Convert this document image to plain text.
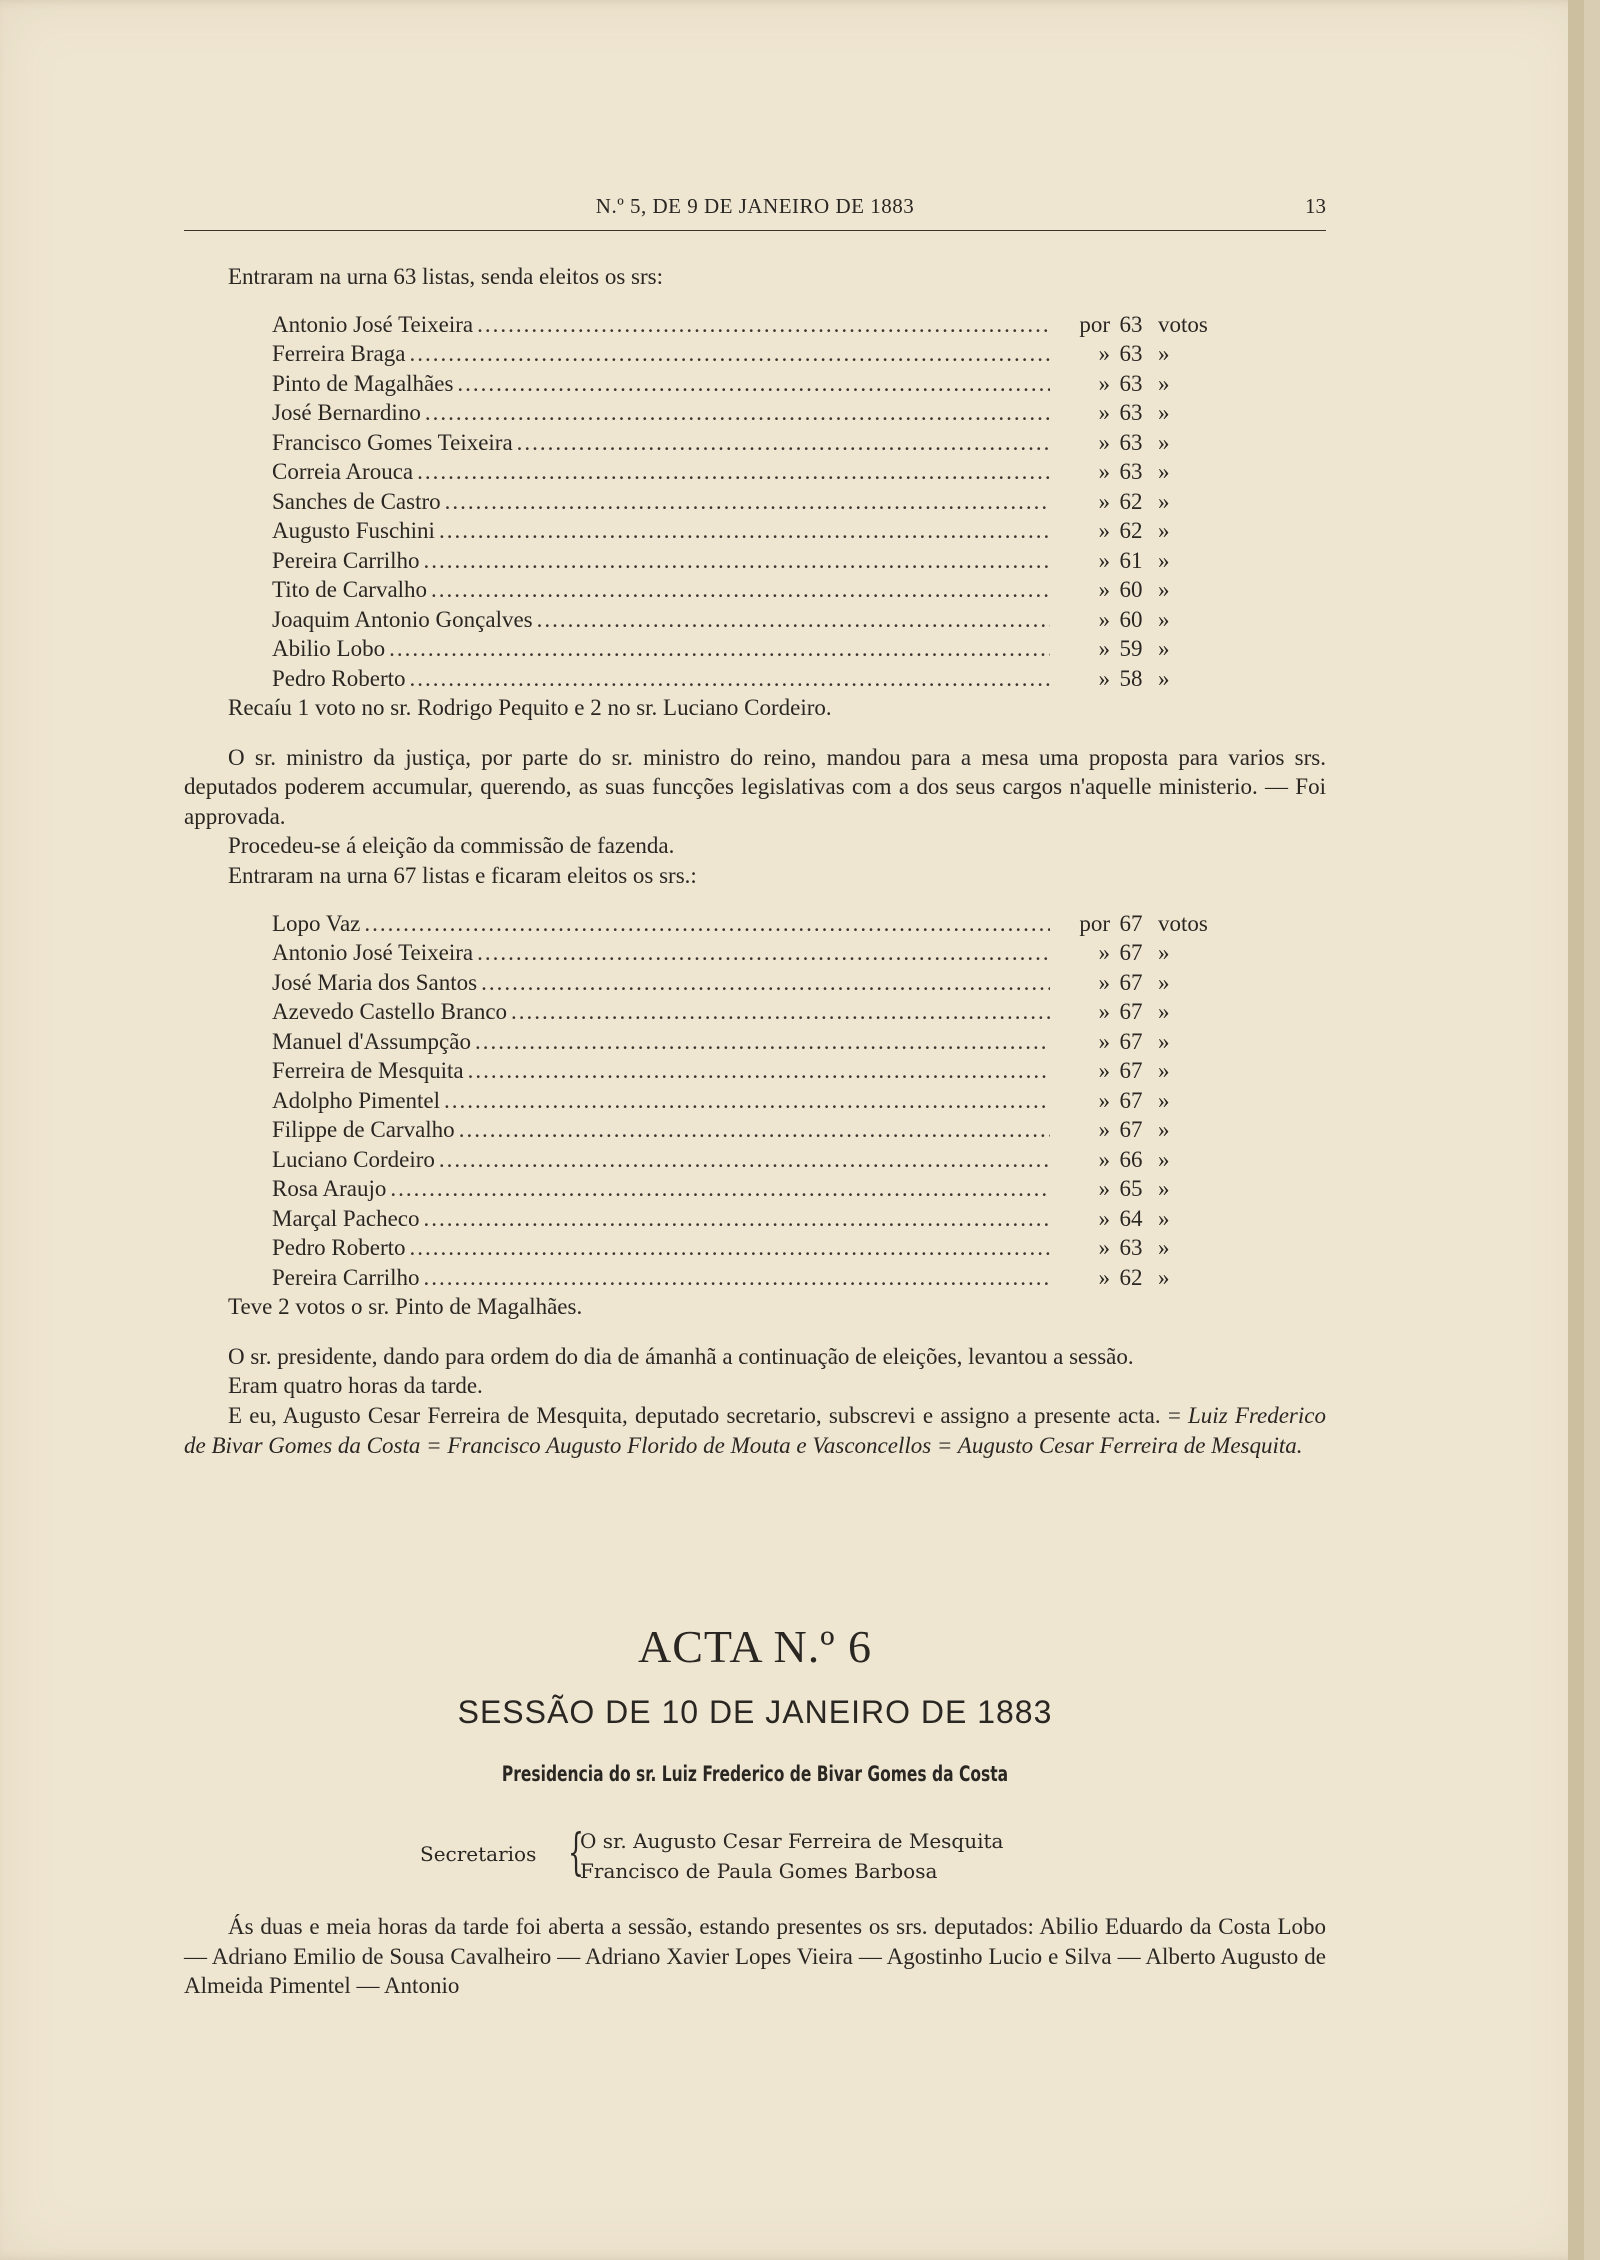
N.º 5, DE 9 DE JANEIRO DE 1883	13

Entraram na urna 63 listas, senda eleitos os srs:

Antonio José Teixeira .....	por 63 votos
Ferreira Braga .....	» 63 »
Pinto de Magalhães .....	» 63 »
José Bernardino .....	» 63 »
Francisco Gomes Teixeira .....	» 63 »
Correia Arouca .....	» 63 »
Sanches de Castro .....	» 62 »
Augusto Fuschini .....	» 62 »
Pereira Carrilho .....	» 61 »
Tito de Carvalho .....	» 60 »
Joaquim Antonio Gonçalves .....	» 60 »
Abilio Lobo .....	» 59 »
Pedro Roberto .....	» 58 »

Recaíu 1 voto no sr. Rodrigo Pequito e 2 no sr. Luciano Cordeiro.

O sr. ministro da justiça, por parte do sr. ministro do reino, mandou para a mesa uma proposta para varios srs. deputados poderem accumular, querendo, as suas funcções legislativas com a dos seus cargos n'aquelle ministerio. — Foi approvada.

Procedeu-se á eleição da commissão de fazenda.

Entraram na urna 67 listas e ficaram eleitos os srs.:

Lopo Vaz .....	por 67 votos
Antonio José Teixeira .....	» 67 »
José Maria dos Santos .....	» 67 »
Azevedo Castello Branco .....	» 67 »
Manuel d'Assumpção .....	» 67 »
Ferreira de Mesquita .....	» 67 »
Adolpho Pimentel .....	» 67 »
Filippe de Carvalho .....	» 67 »
Luciano Cordeiro .....	» 66 »
Rosa Araujo .....	» 65 »
Marçal Pacheco .....	» 64 »
Pedro Roberto .....	» 63 »
Pereira Carrilho .....	» 62 »

Teve 2 votos o sr. Pinto de Magalhães.

O sr. presidente, dando para ordem do dia de ámanhã a continuação de eleições, levantou a sessão.

Eram quatro horas da tarde.

E eu, Augusto Cesar Ferreira de Mesquita, deputado secretario, subscrevi e assigno a presente acta. = Luiz Frederico de Bivar Gomes da Costa = Francisco Augusto Florido de Mouta e Vasconcellos = Augusto Cesar Ferreira de Mesquita.

ACTA N.º 6
SESSÃO DE 10 DE JANEIRO DE 1883
Presidencia do sr. Luiz Frederico de Bivar Gomes da Costa
Secretarios {
O sr. Augusto Cesar Ferreira de Mesquita
Francisco de Paula Gomes Barbosa

Ás duas e meia horas da tarde foi aberta a sessão, estando presentes os srs. deputados: Abilio Eduardo da Costa Lobo — Adriano Emilio de Sousa Cavalheiro — Adriano Xavier Lopes Vieira — Agostinho Lucio e Silva — Alberto Augusto de Almeida Pimentel — Antonio
